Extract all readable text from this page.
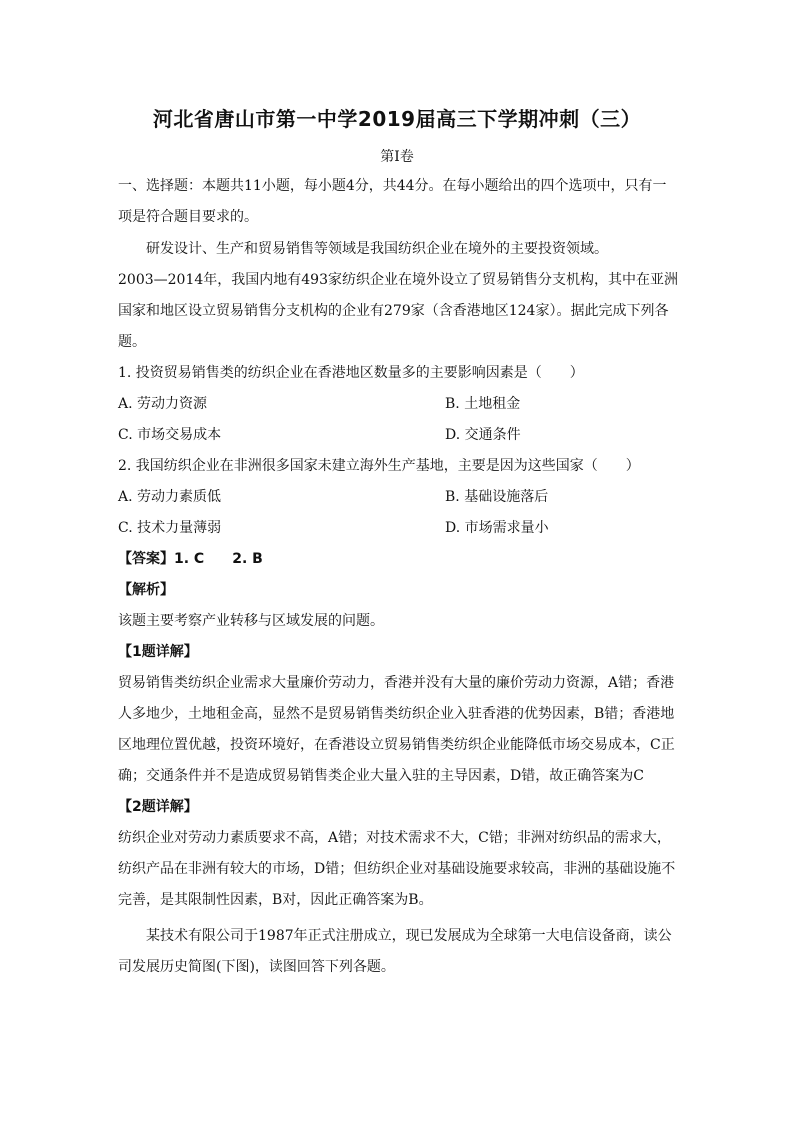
河北省唐山市第一中学2019届高三下学期冲刺（三）
第I卷
一、选择题：本题共11小题，每小题4分，共44分。在每小题给出的四个选项中，只有一
项是符合题目要求的。
研发设计、生产和贸易销售等领域是我国纺织企业在境外的主要投资领域。
2003—2014年，我国内地有493家纺织企业在境外设立了贸易销售分支机构，其中在亚洲
国家和地区设立贸易销售分支机构的企业有279家（含香港地区124家）。据此完成下列各
题。
1. 投资贸易销售类的纺织企业在香港地区数量多的主要影响因素是（　　）
A. 劳动力资源	B. 土地租金
C. 市场交易成本	D. 交通条件
2. 我国纺织企业在非洲很多国家未建立海外生产基地，主要是因为这些国家（　　）
A. 劳动力素质低	B. 基础设施落后
C. 技术力量薄弱	D. 市场需求量小
【答案】1. C　　2. B
【解析】
该题主要考察产业转移与区域发展的问题。
【1题详解】
贸易销售类纺织企业需求大量廉价劳动力，香港并没有大量的廉价劳动力资源，A错；香港
人多地少，土地租金高，显然不是贸易销售类纺织企业入驻香港的优势因素，B错；香港地
区地理位置优越，投资环境好，在香港设立贸易销售类纺织企业能降低市场交易成本，C正
确；交通条件并不是造成贸易销售类企业大量入驻的主导因素，D错，故正确答案为C
【2题详解】
纺织企业对劳动力素质要求不高，A错；对技术需求不大，C错；非洲对纺织品的需求大，
纺织产品在非洲有较大的市场，D错；但纺织企业对基础设施要求较高，非洲的基础设施不
完善，是其限制性因素，B对，因此正确答案为B。
某技术有限公司于1987年正式注册成立，现已发展成为全球第一大电信设备商，读公
司发展历史简图(下图)，读图回答下列各题。
